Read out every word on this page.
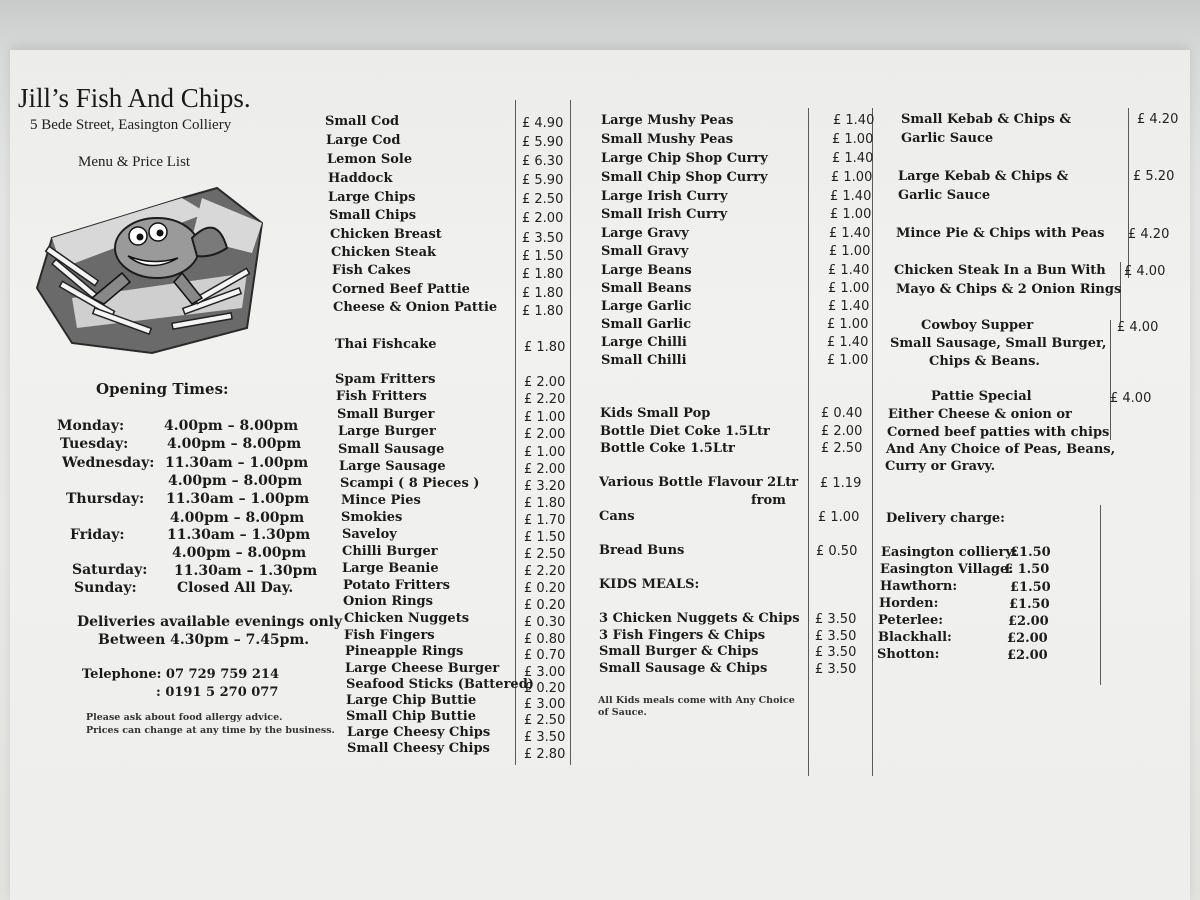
Jill’s Fish And Chips.
5 Bede Street, Easington Colliery
Menu & Price List
Opening Times:
Monday:	4.00pm – 8.00pm
Tuesday:	4.00pm – 8.00pm
Wednesday: 11.30am – 1.00pm
4.00pm – 8.00pm
Thursday: 11.30am – 1.00pm
4.00pm – 8.00pm
Friday:	11.30am – 1.30pm
4.00pm – 8.00pm
Saturday: 11.30am – 1.30pm
Sunday:	Closed All Day.
Deliveries available evenings only
Between 4.30pm – 7.45pm.
Telephone: 07 729 759 214
: 0191 5 270 077
Please ask about food allergy advice.
Prices can change at any time by the business.
Small Cod	£ 4.90
Large Cod	£ 5.90
Lemon Sole	£ 6.30
Haddock	£ 5.90
Large Chips	£ 2.50
Small Chips	£ 2.00
Chicken Breast	£ 3.50
Chicken Steak	£ 1.50
Fish Cakes	£ 1.80
Corned Beef Pattie	£ 1.80
Cheese & Onion Pattie £ 1.80
Thai Fishcake	£ 1.80
Spam Fritters	£ 2.00
Fish Fritters	£ 2.20
Small Burger	£ 1.00
Large Burger	£ 2.00
Small Sausage	£ 1.00
Large Sausage	£ 2.00
Scampi ( 8 Pieces )	£ 3.20
Mince Pies	£ 1.80
Smokies	£ 1.70
Saveloy	£ 1.50
Chilli Burger	£ 2.50
Large Beanie	£ 2.20
Potato Fritters	£ 0.20
Onion Rings	£ 0.20
Chicken Nuggets	£ 0.30
Fish Fingers	£ 0.80
Pineapple Rings	£ 0.70
Large Cheese Burger £ 3.00
Seafood Sticks (Battered)
£ 0.20
Large Chip Buttie	£ 3.00
Small Chip Buttie	£ 2.50
Large Cheesy Chips	£ 3.50
Small Cheesy Chips	£ 2.80
Large Mushy Peas	£ 1.40
Small Mushy Peas	£ 1.00
Large Chip Shop Curry	£ 1.40
Small Chip Shop Curry	£ 1.00
Large Irish Curry	£ 1.40
Small Irish Curry	£ 1.00
Large Gravy	£ 1.40
Small Gravy	£ 1.00
Large Beans	£ 1.40
Small Beans	£ 1.00
Large Garlic	£ 1.40
Small Garlic	£ 1.00
Large Chilli	£ 1.40
Small Chilli	£ 1.00
Kids Small Pop	£ 0.40
Bottle Diet Coke 1.5Ltr	£ 2.00
Bottle Coke 1.5Ltr	£ 2.50
Various Bottle Flavour 2Ltr
from
£ 1.19
Cans	£ 1.00
Bread Buns	£ 0.50
KIDS MEALS:
3 Chicken Nuggets & Chips £ 3.50
3 Fish Fingers & Chips	£ 3.50
Small Burger & Chips	£ 3.50
Small Sausage & Chips	£ 3.50
All Kids meals come with Any Choice
of Sauce.
Small Kebab & Chips &
Garlic Sauce
£ 4.20
Large Kebab & Chips &
Garlic Sauce
£ 5.20
Mince Pie & Chips with Peas £ 4.20
Chicken Steak In a Bun With
Mayo & Chips & 2 Onion Rings
£ 4.00
Cowboy Supper
Small Sausage, Small Burger,
Chips & Beans.
£ 4.00
Pattie Special
Either Cheese & onion or
Corned beef patties with chips
And Any Choice of Peas, Beans,
Curry or Gravy.
£ 4.00
Delivery charge:
Easington colliery:
£1.50
Easington Village:
£ 1.50
Hawthorn:	£1.50
Horden:	£1.50
Peterlee:	£2.00
Blackhall:	£2.00
Shotton:	£2.00
